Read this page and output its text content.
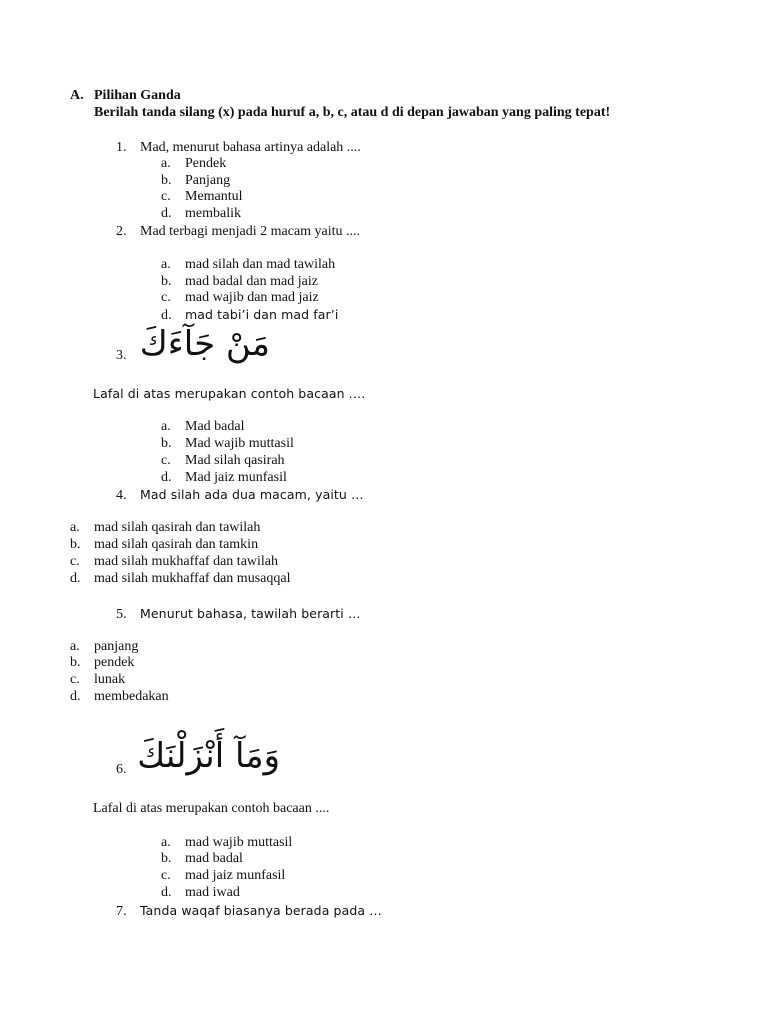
A. Pilihan Ganda
Berilah tanda silang (x) pada huruf a, b, c, atau d di depan jawaban yang paling tepat!
1. Mad, menurut bahasa artinya adalah ....
a. Pendek
b. Panjang
c. Memantul
d. membalik
2. Mad terbagi menjadi 2 macam yaitu ....
a. mad silah dan mad tawilah
b. mad badal dan mad jaiz
c. mad wajib dan mad jaiz
d. mad tabi’i dan mad far’i
3. مَنْ جَآءَكَ
Lafal di atas merupakan contoh bacaan ….
a. Mad badal
b. Mad wajib muttasil
c. Mad silah qasirah
d. Mad jaiz munfasil
4. Mad silah ada dua macam, yaitu …
a. mad silah qasirah dan tawilah
b. mad silah qasirah dan tamkin
c. mad silah mukhaffaf dan tawilah
d. mad silah mukhaffaf dan musaqqal
5. Menurut bahasa, tawilah berarti …
a. panjang
b. pendek
c. lunak
d. membedakan
6. وَمَآ أَنْزَلْنَكَ
Lafal di atas merupakan contoh bacaan ....
a. mad wajib muttasil
b. mad badal
c. mad jaiz munfasil
d. mad iwad
7. Tanda waqaf biasanya berada pada …
